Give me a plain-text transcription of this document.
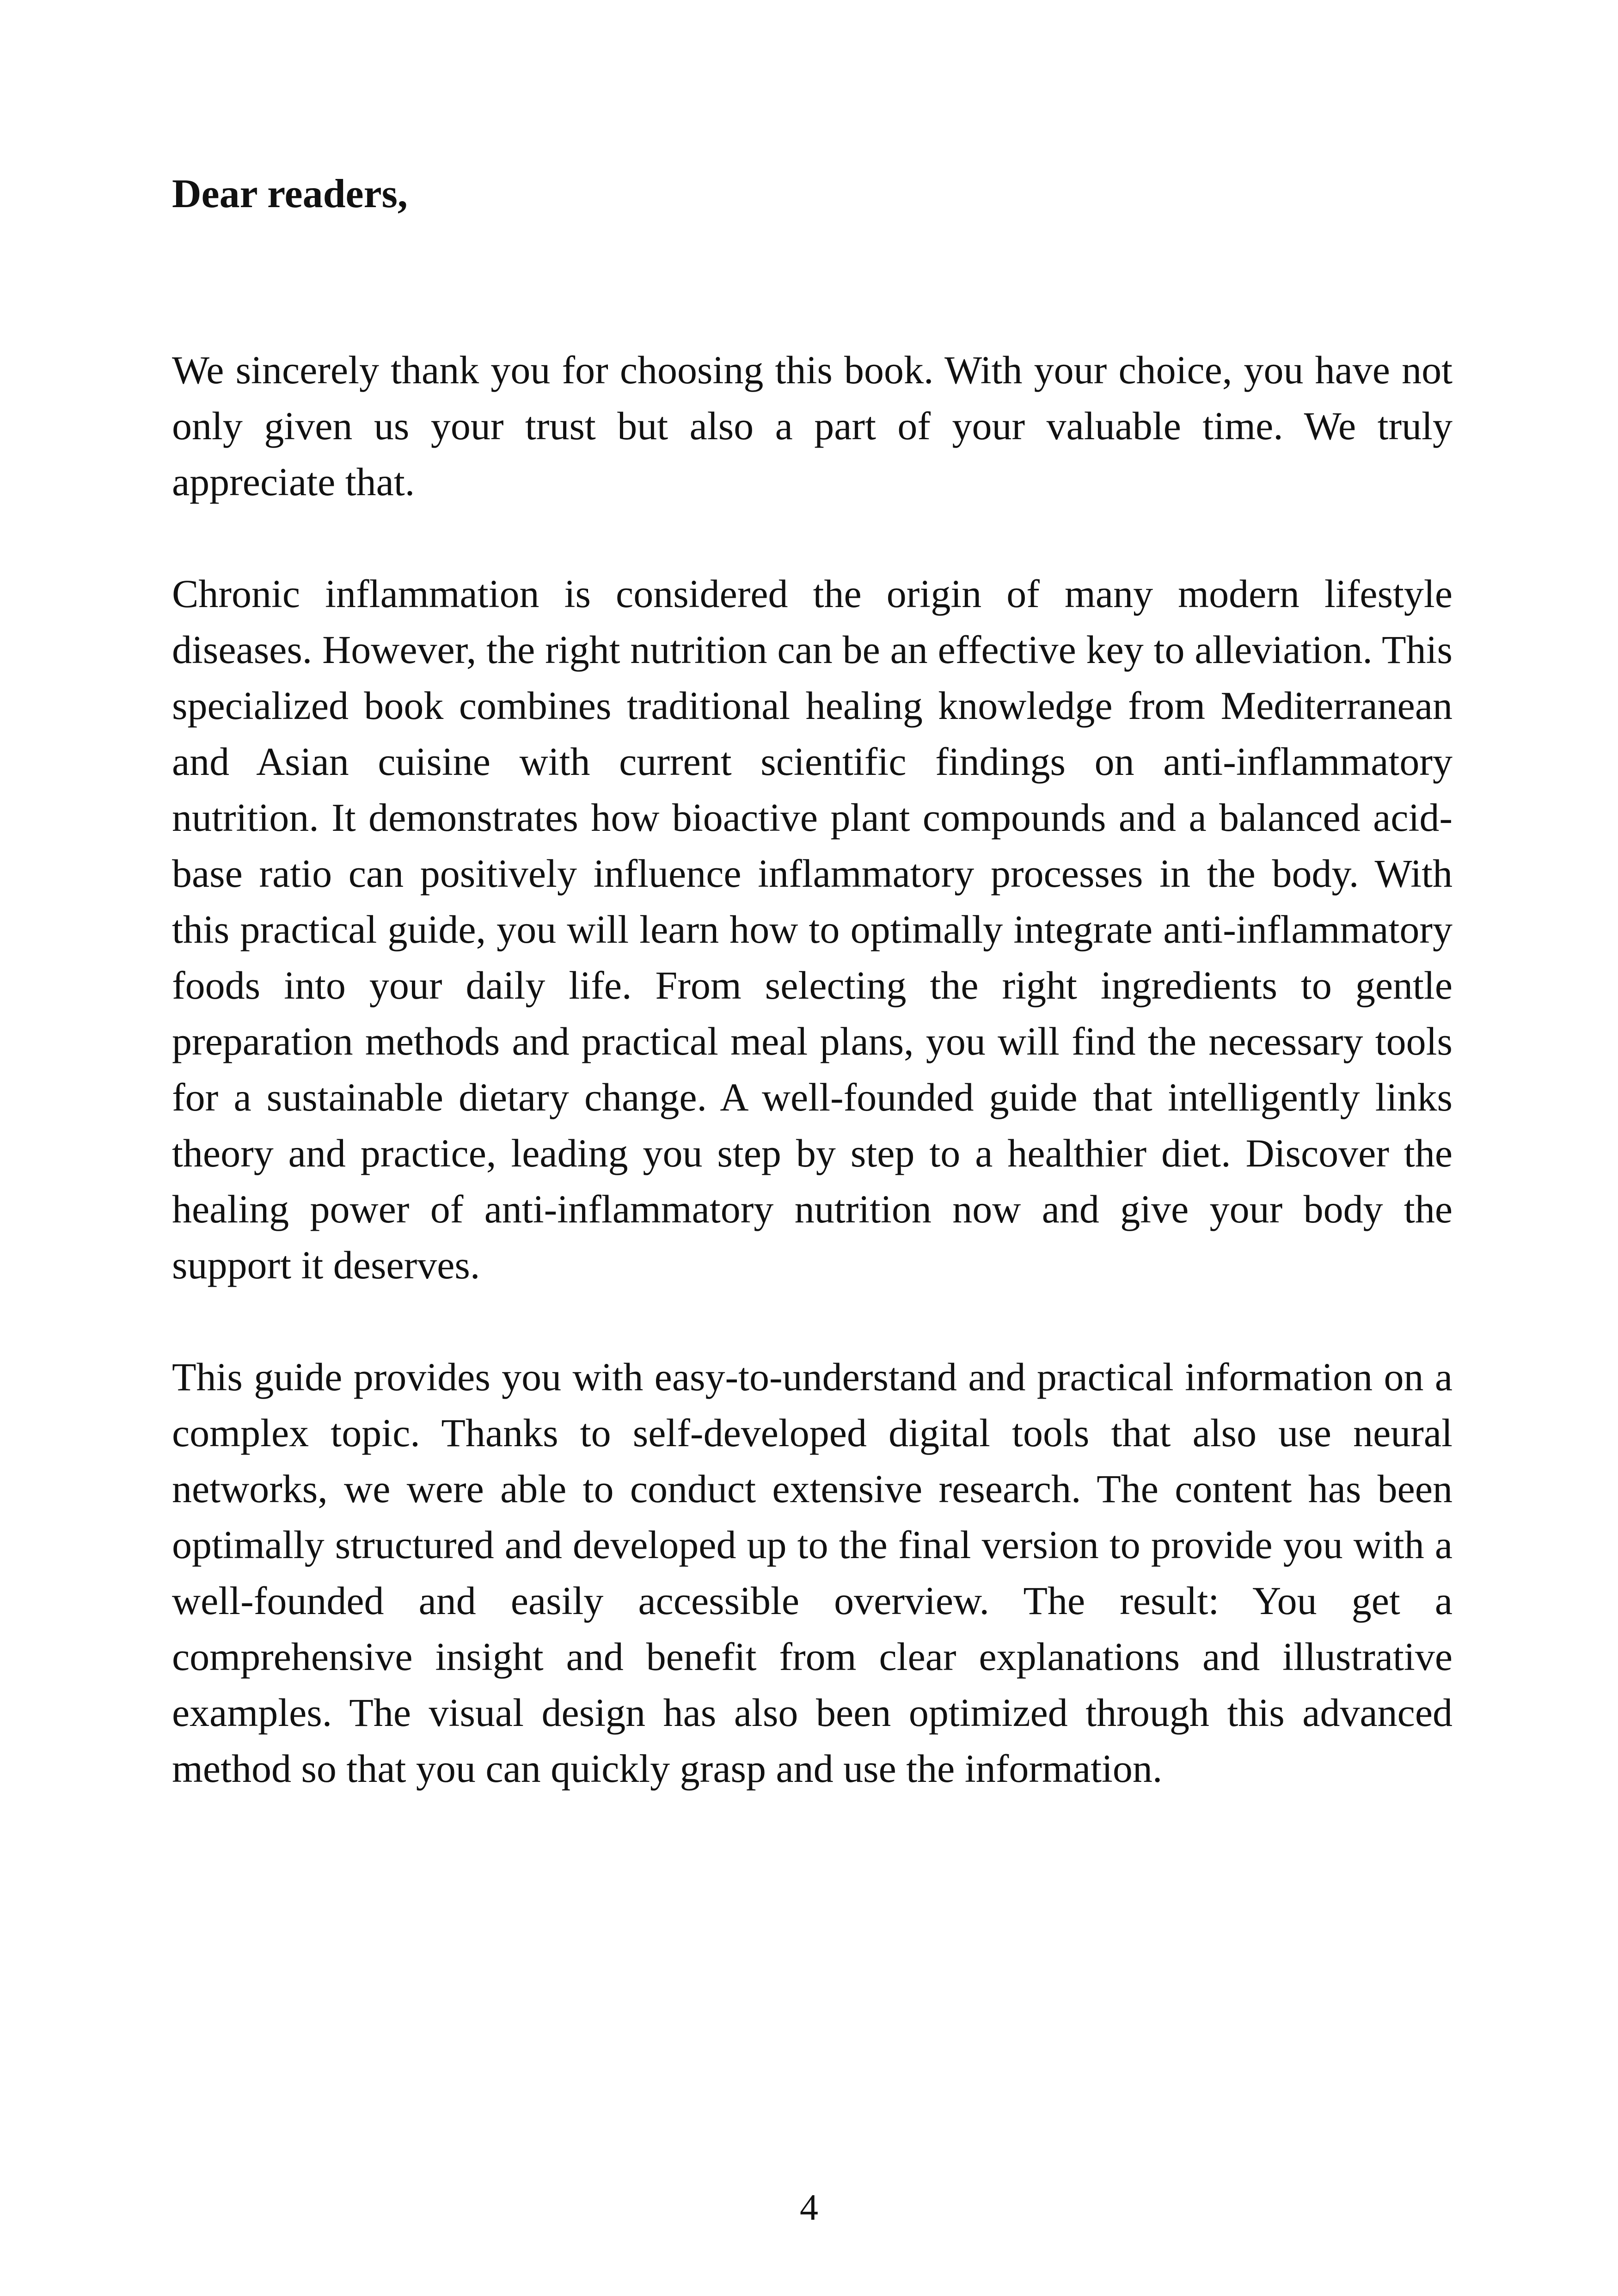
Dear readers,

We sincerely thank you for choosing this book. With your choice, you have not only given us your trust but also a part of your valuable time. We truly appreciate that.

Chronic inflammation is considered the origin of many modern lifestyle diseases. However, the right nutrition can be an effective key to alleviation. This specialized book combines traditional healing knowledge from Mediterranean and Asian cuisine with current scientific findings on anti-inflammatory nutrition. It demonstrates how bioactive plant compounds and a balanced acid-base ratio can positively influence inflammatory processes in the body. With this practical guide, you will learn how to optimally integrate anti-inflammatory foods into your daily life. From selecting the right ingredients to gentle preparation methods and practical meal plans, you will find the necessary tools for a sustainable dietary change. A well-founded guide that intelligently links theory and practice, leading you step by step to a healthier diet. Discover the healing power of anti-inflammatory nutrition now and give your body the support it deserves.

This guide provides you with easy-to-understand and practical information on a complex topic. Thanks to self-developed digital tools that also use neural networks, we were able to conduct extensive research. The content has been optimally structured and developed up to the final version to provide you with a well-founded and easily accessible overview. The result: You get a comprehensive insight and benefit from clear explanations and illustrative examples. The visual design has also been optimized through this advanced method so that you can quickly grasp and use the information.

4
